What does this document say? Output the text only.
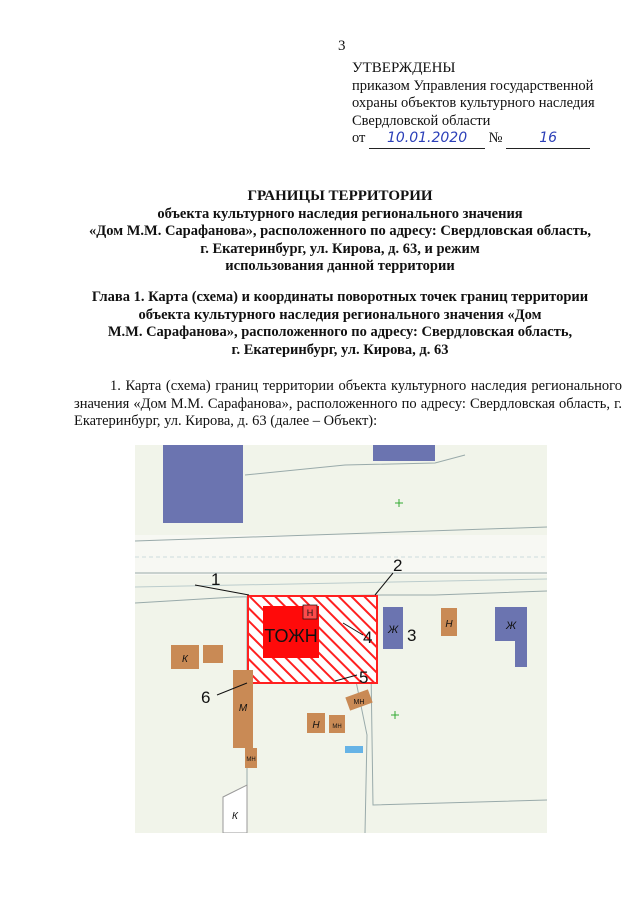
3
УТВЕРЖДЕНЫ
приказом Управления государственной
охраны объектов культурного наследия
Свердловской области
от 10.01.2020 №	16
ГРАНИЦЫ ТЕРРИТОРИИ
объекта культурного наследия регионального значения
«Дом М.М. Сарафанова», расположенного по адресу: Свердловская область,
г. Екатеринбург, ул. Кирова, д. 63, и режим
использования данной территории
Глава 1. Карта (схема) и координаты поворотных точек границ территории
объекта культурного наследия регионального значения «Дом
М.М. Сарафанова», расположенного по адресу: Свердловская область,
г. Екатеринбург, ул. Кирова, д. 63
1. Карта (схема) границ территории объекта культурного наследия регионального значения «Дом М.М. Сарафанова», расположенного по адресу: Свердловская область, г. Екатеринбург, ул. Кирова, д. 63 (далее – Объект):
ТОЖН
Н
Ж	Н	Ж
К
М
МН
К
МН
Н МН
1
2
3
4
5
6
